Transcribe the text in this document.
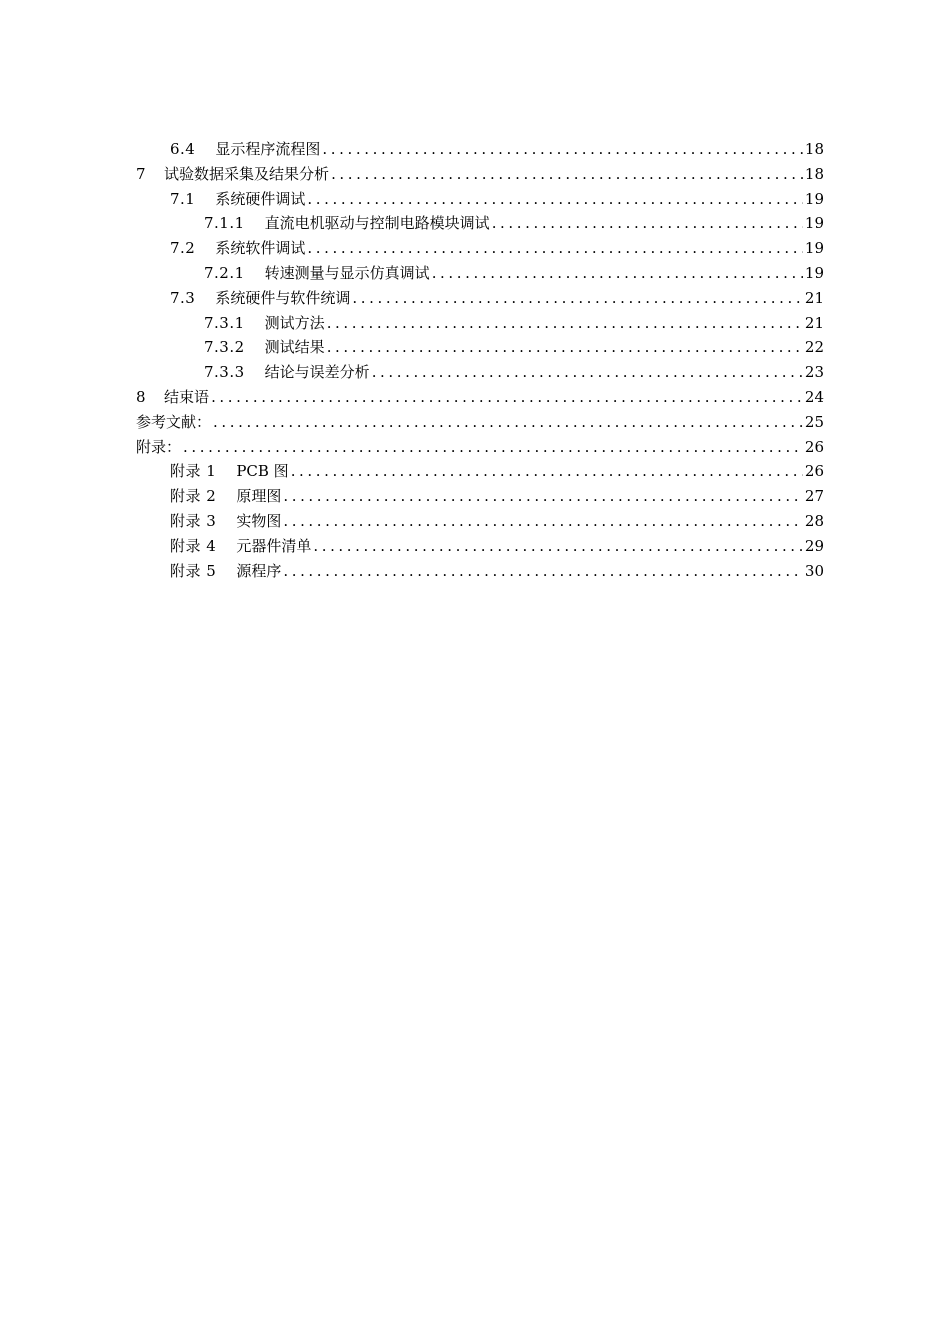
6.4 显示程序流程图 .....	18
7 试验数据采集及结果分析 .....	18
7.1 系统硬件调试 .....	19
7.1.1 直流电机驱动与控制电路模块调试 .....	19
7.2 系统软件调试 .....	19
7.2.1 转速测量与显示仿真调试 .....	19
7.3 系统硬件与软件统调 .....	21
7.3.1 测试方法 .....	21
7.3.2 测试结果 .....	22
7.3.3 结论与误差分析 .....	23
8 结束语 .....	24
参考文献： .....	25
附录： .....	26
附录 1 PCB 图 .....	26
附录 2 原理图 .....	27
附录 3 实物图 .....	28
附录 4 元器件清单 .....	29
附录 5 源程序 .....	30
